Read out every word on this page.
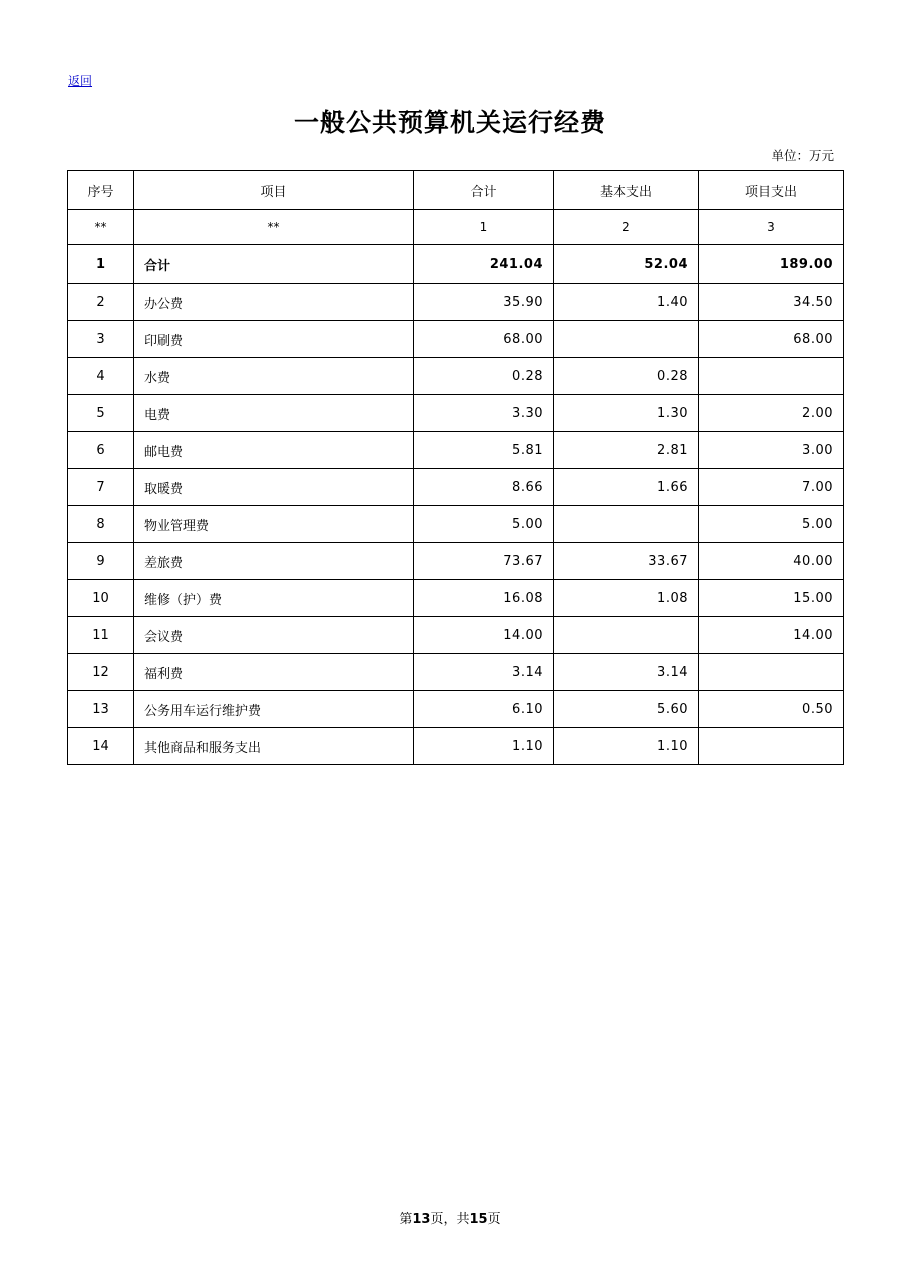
返回
一般公共预算机关运行经费
单位：万元
序号	项目	合计	基本支出	项目支出
**	**	1	2	3
1	合计	241.04	52.04	189.00
2	办公费	35.90	1.40	34.50
3	印刷费	68.00		68.00
4	水费	0.28	0.28	
5	电费	3.30	1.30	2.00
6	邮电费	5.81	2.81	3.00
7	取暖费	8.66	1.66	7.00
8	物业管理费	5.00		5.00
9	差旅费	73.67	33.67	40.00
10	维修（护）费	16.08	1.08	15.00
11	会议费	14.00		14.00
12	福利费	3.14	3.14	
13	公务用车运行维护费	6.10	5.60	0.50
14	其他商品和服务支出	1.10	1.10	
第13页，共15页
